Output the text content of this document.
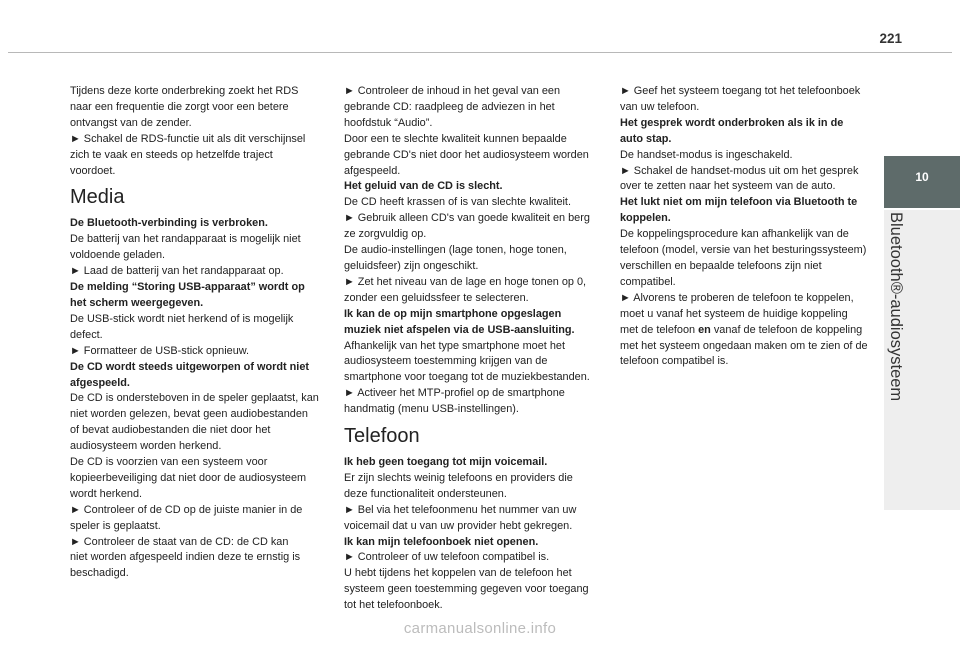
221
10
Bluetooth®-audiosysteem

Tijdens deze korte onderbreking zoekt het RDS

naar een frequentie die zorgt voor een betere

ontvangst van de zender.

► Schakel de RDS-functie uit als dit verschijnsel

zich te vaak en steeds op hetzelfde traject

voordoet.

Media

De Bluetooth-verbinding is verbroken.

De batterij van het randapparaat is mogelijk niet

voldoende geladen.

► Laad de batterij van het randapparaat op.

De melding “Storing USB-apparaat” wordt op

het scherm weergegeven.

De USB-stick wordt niet herkend of is mogelijk

defect.

► Formatteer de USB-stick opnieuw.

De CD wordt steeds uitgeworpen of wordt niet

afgespeeld.

De CD is ondersteboven in de speler geplaatst, kan

niet worden gelezen, bevat geen audiobestanden

of bevat audiobestanden die niet door het

audiosysteem worden herkend.

De CD is voorzien van een systeem voor

kopieerbeveiliging dat niet door de audiosysteem

wordt herkend.

► Controleer of de CD op de juiste manier in de

speler is geplaatst.

► Controleer de staat van de CD: de CD kan

niet worden afgespeeld indien deze te ernstig is

beschadigd.

► Controleer de inhoud in het geval van een

gebrande CD: raadpleeg de adviezen in het

hoofdstuk “Audio”.

Door een te slechte kwaliteit kunnen bepaalde

gebrande CD's niet door het audiosysteem worden

afgespeeld.

Het geluid van de CD is slecht.

De CD heeft krassen of is van slechte kwaliteit.

► Gebruik alleen CD's van goede kwaliteit en berg

ze zorgvuldig op.

De audio-instellingen (lage tonen, hoge tonen,

geluidsfeer) zijn ongeschikt.

► Zet het niveau van de lage en hoge tonen op 0,

zonder een geluidssfeer te selecteren.

Ik kan de op mijn smartphone opgeslagen

muziek niet afspelen via de USB-aansluiting.

Afhankelijk van het type smartphone moet het

audiosysteem toestemming krijgen van de

smartphone voor toegang tot de muziekbestanden.

► Activeer het MTP-profiel op de smartphone

handmatig (menu USB-instellingen).

Telefoon

Ik heb geen toegang tot mijn voicemail.

Er zijn slechts weinig telefoons en providers die

deze functionaliteit ondersteunen.

► Bel via het telefoonmenu het nummer van uw

voicemail dat u van uw provider hebt gekregen.

Ik kan mijn telefoonboek niet openen.

► Controleer of uw telefoon compatibel is.

U hebt tijdens het koppelen van de telefoon het

systeem geen toestemming gegeven voor toegang

tot het telefoonboek.

► Geef het systeem toegang tot het telefoonboek

van uw telefoon.

Het gesprek wordt onderbroken als ik in de

auto stap.

De handset-modus is ingeschakeld.

► Schakel de handset-modus uit om het gesprek

over te zetten naar het systeem van de auto.

Het lukt niet om mijn telefoon via Bluetooth te

koppelen.

De koppelingsprocedure kan afhankelijk van de

telefoon (model, versie van het besturingssysteem)

verschillen en bepaalde telefoons zijn niet

compatibel.

► Alvorens te proberen de telefoon te koppelen,

moet u vanaf het systeem de huidige koppeling

met de telefoon en vanaf de telefoon de koppeling

met het systeem ongedaan maken om te zien of de

telefoon compatibel is.

carmanualsonline.info
